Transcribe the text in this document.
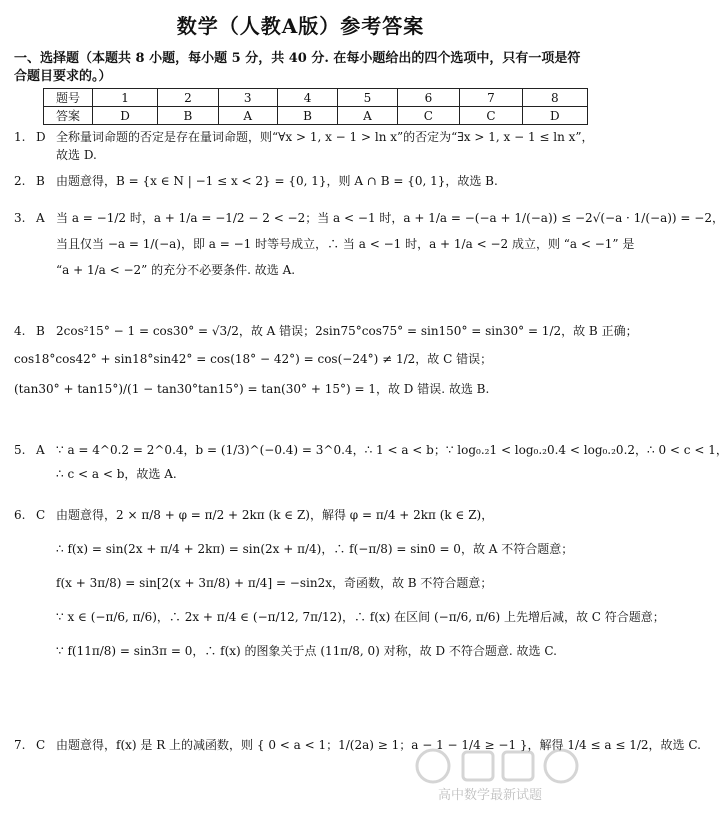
数学（人教A版）参考答案
一、选择题（本题共 8 小题，每小题 5 分，共 40 分. 在每小题给出的四个选项中，只有一项是符合题目要求的。）
题号	1	2	3	4	5	6	7	8
答案	D	B	A	B	A	C	C	D
1. D 全称量词命题的否定是存在量词命题，则“∀x > 1, x − 1 > ln x”的否定为“∃x > 1, x − 1 ≤ ln x”，
故选 D.
2. B 由题意得，B = {x ∈ N | −1 ≤ x < 2} = {0, 1}，则 A ∩ B = {0, 1}，故选 B.
3. A 当 a = −1/2 时，a + 1/a = −1/2 − 2 < −2；当 a < −1 时，a + 1/a = −(−a + 1/(−a)) ≤ −2√(−a · 1/(−a)) = −2，
当且仅当 −a = 1/(−a)，即 a = −1 时等号成立，∴ 当 a < −1 时，a + 1/a < −2 成立，则 “a < −1” 是
“a + 1/a < −2” 的充分不必要条件. 故选 A.
4. B 2cos²15° − 1 = cos30° = √3/2，故 A 错误；2sin75°cos75° = sin150° = sin30° = 1/2，故 B 正确；
cos18°cos42° + sin18°sin42° = cos(18° − 42°) = cos(−24°) ≠ 1/2，故 C 错误；
(tan30° + tan15°)/(1 − tan30°tan15°) = tan(30° + 15°) = 1，故 D 错误. 故选 B.
5. A ∵ a = 4^0.2 = 2^0.4，b = (1/3)^(−0.4) = 3^0.4，∴ 1 < a < b；∵ log₀.₂1 < log₀.₂0.4 < log₀.₂0.2，∴ 0 < c < 1，
∴ c < a < b，故选 A.
6. C 由题意得，2 × π/8 + φ = π/2 + 2kπ (k ∈ Z)，解得 φ = π/4 + 2kπ (k ∈ Z)，
∴ f(x) = sin(2x + π/4 + 2kπ) = sin(2x + π/4)，∴ f(−π/8) = sin0 = 0，故 A 不符合题意；
f(x + 3π/8) = sin[2(x + 3π/8) + π/4] = −sin2x，奇函数，故 B 不符合题意；
∵ x ∈ (−π/6, π/6)，∴ 2x + π/4 ∈ (−π/12, 7π/12)，∴ f(x) 在区间 (−π/6, π/6) 上先增后减，故 C 符合题意；
∵ f(11π/8) = sin3π = 0，∴ f(x) 的图象关于点 (11π/8, 0) 对称，故 D 不符合题意. 故选 C.
7. C 由题意得，f(x) 是 R 上的减函数，则 { 0 < a < 1；1/(2a) ≥ 1；a − 1 − 1/4 ≥ −1 }，解得 1/4 ≤ a ≤ 1/2，故选 C.
高中数学最新试题
